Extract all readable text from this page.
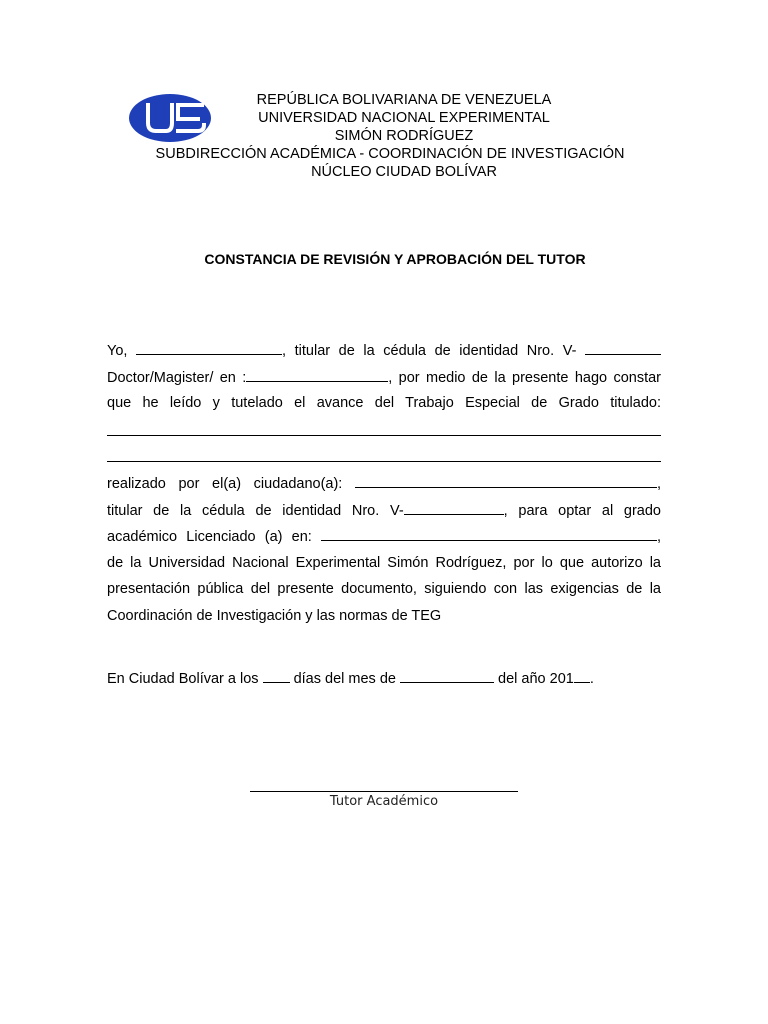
REPÚBLICA BOLIVARIANA DE VENEZUELA
UNIVERSIDAD NACIONAL EXPERIMENTAL
SIMÓN RODRÍGUEZ
SUBDIRECCIÓN ACADÉMICA - COORDINACIÓN DE INVESTIGACIÓN
NÚCLEO CIUDAD BOLÍVAR
CONSTANCIA DE REVISIÓN Y APROBACIÓN DEL TUTOR
Yo,	, titular de la cédula de identidad Nro. V-
Doctor/Magister/ en :	, por medio de la presente hago constar
que he leído y tutelado el avance del Trabajo Especial de Grado titulado:
realizado por el(a) ciudadano(a):	,
titular de la cédula de identidad Nro. V-	, para optar al grado
académico Licenciado (a) en:	,
de la Universidad Nacional Experimental Simón Rodríguez, por lo que autorizo la
presentación pública del presente documento, siguiendo con las exigencias de la
Coordinación de Investigación y las normas de TEG
En Ciudad Bolívar a los días del mes de	del año 201 .
Tutor Académico
